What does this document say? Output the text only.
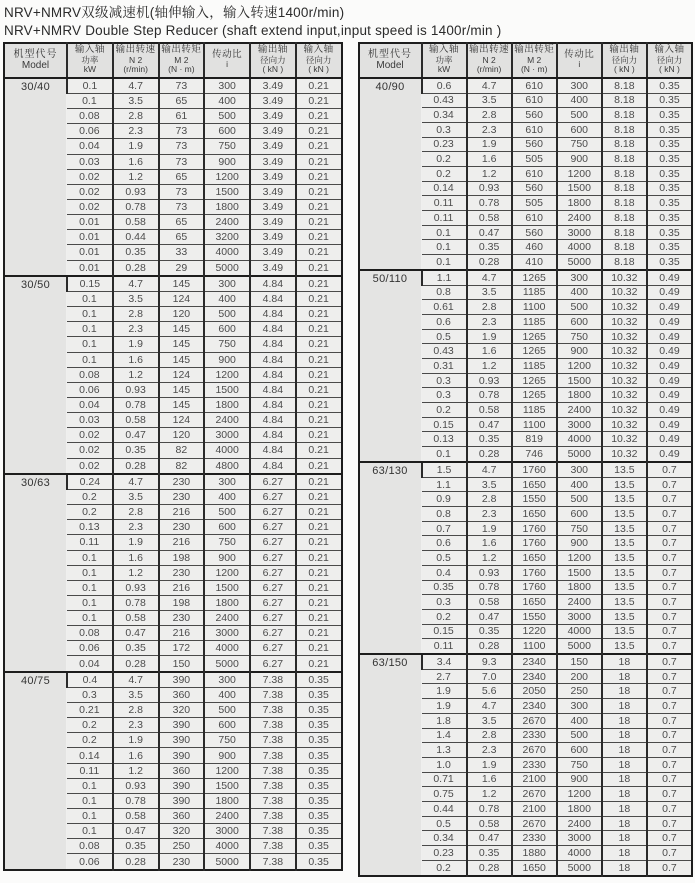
NRV+NMRV双级减速机(轴伸输入，输入转速1400r/min)
NRV+NMRV Double Step Reducer (shaft extend input,input speed is 1400r/min )
机型代号
Model

输入轴
功率
kW

输出转速
N 2
(r/min)

输出转矩
M 2
(N · m)

传动比
i

输出轴
径向力
( kN )

输入轴
径向力
( kN )

30/40	0.1	4.7	73	300	3.49	0.21
	0.1	3.5	65	400	3.49	0.21
	0.08	2.8	61	500	3.49	0.21
	0.06	2.3	73	600	3.49	0.21
	0.04	1.9	73	750	3.49	0.21
	0.03	1.6	73	900	3.49	0.21
	0.02	1.2	65	1200	3.49	0.21
	0.02	0.93	73	1500	3.49	0.21
	0.02	0.78	73	1800	3.49	0.21
	0.01	0.58	65	2400	3.49	0.21
	0.01	0.44	65	3200	3.49	0.21
	0.01	0.35	33	4000	3.49	0.21
	0.01	0.28	29	5000	3.49	0.21
30/50	0.15	4.7	145	300	4.84	0.21
	0.1	3.5	124	400	4.84	0.21
	0.1	2.8	120	500	4.84	0.21
	0.1	2.3	145	600	4.84	0.21
	0.1	1.9	145	750	4.84	0.21
	0.1	1.6	145	900	4.84	0.21
	0.08	1.2	124	1200	4.84	0.21
	0.06	0.93	145	1500	4.84	0.21
	0.04	0.78	145	1800	4.84	0.21
	0.03	0.58	124	2400	4.84	0.21
	0.02	0.47	120	3000	4.84	0.21
	0.02	0.35	82	4000	4.84	0.21
	0.02	0.28	82	4800	4.84	0.21
30/63	0.24	4.7	230	300	6.27	0.21
	0.2	3.5	230	400	6.27	0.21
	0.2	2.8	216	500	6.27	0.21
	0.13	2.3	230	600	6.27	0.21
	0.11	1.9	216	750	6.27	0.21
	0.1	1.6	198	900	6.27	0.21
	0.1	1.2	230	1200	6.27	0.21
	0.1	0.93	216	1500	6.27	0.21
	0.1	0.78	198	1800	6.27	0.21
	0.1	0.58	230	2400	6.27	0.21
	0.08	0.47	216	3000	6.27	0.21
	0.06	0.35	172	4000	6.27	0.21
	0.04	0.28	150	5000	6.27	0.21
40/75	0.4	4.7	390	300	7.38	0.35
	0.3	3.5	360	400	7.38	0.35
	0.21	2.8	320	500	7.38	0.35
	0.2	2.3	390	600	7.38	0.35
	0.2	1.9	390	750	7.38	0.35
	0.14	1.6	390	900	7.38	0.35
	0.11	1.2	360	1200	7.38	0.35
	0.1	0.93	390	1500	7.38	0.35
	0.1	0.78	390	1800	7.38	0.35
	0.1	0.58	360	2400	7.38	0.35
	0.1	0.47	320	3000	7.38	0.35
	0.08	0.35	250	4000	7.38	0.35
	0.06	0.28	230	5000	7.38	0.35
机型代号
Model

输入轴
功率
kW

输出转速
N 2
(r/min)

输出转矩
M 2
(N · m)

传动比
i

输出轴
径向力
( kN )

输入轴
径向力
( kN )

40/90	0.6	4.7	610	300	8.18	0.35
	0.43	3.5	610	400	8.18	0.35
	0.34	2.8	560	500	8.18	0.35
	0.3	2.3	610	600	8.18	0.35
	0.23	1.9	560	750	8.18	0.35
	0.2	1.6	505	900	8.18	0.35
	0.2	1.2	610	1200	8.18	0.35
	0.14	0.93	560	1500	8.18	0.35
	0.11	0.78	505	1800	8.18	0.35
	0.11	0.58	610	2400	8.18	0.35
	0.1	0.47	560	3000	8.18	0.35
	0.1	0.35	460	4000	8.18	0.35
	0.1	0.28	410	5000	8.18	0.35
50/110	1.1	4.7	1265	300	10.32	0.49
	0.8	3.5	1185	400	10.32	0.49
	0.61	2.8	1100	500	10.32	0.49
	0.6	2.3	1185	600	10.32	0.49
	0.5	1.9	1265	750	10.32	0.49
	0.43	1.6	1265	900	10.32	0.49
	0.31	1.2	1185	1200	10.32	0.49
	0.3	0.93	1265	1500	10.32	0.49
	0.3	0.78	1265	1800	10.32	0.49
	0.2	0.58	1185	2400	10.32	0.49
	0.15	0.47	1100	3000	10.32	0.49
	0.13	0.35	819	4000	10.32	0.49
	0.1	0.28	746	5000	10.32	0.49
63/130	1.5	4.7	1760	300	13.5	0.7
	1.1	3.5	1650	400	13.5	0.7
	0.9	2.8	1550	500	13.5	0.7
	0.8	2.3	1650	600	13.5	0.7
	0.7	1.9	1760	750	13.5	0.7
	0.6	1.6	1760	900	13.5	0.7
	0.5	1.2	1650	1200	13.5	0.7
	0.4	0.93	1760	1500	13.5	0.7
	0.35	0.78	1760	1800	13.5	0.7
	0.3	0.58	1650	2400	13.5	0.7
	0.2	0.47	1550	3000	13.5	0.7
	0.15	0.35	1220	4000	13.5	0.7
	0.11	0.28	1100	5000	13.5	0.7
63/150	3.4	9.3	2340	150	18	0.7
	2.7	7.0	2340	200	18	0.7
	1.9	5.6	2050	250	18	0.7
	1.9	4.7	2340	300	18	0.7
	1.8	3.5	2670	400	18	0.7
	1.4	2.8	2330	500	18	0.7
	1.3	2.3	2670	600	18	0.7
	1.0	1.9	2330	750	18	0.7
	0.71	1.6	2100	900	18	0.7
	0.75	1.2	2670	1200	18	0.7
	0.44	0.78	2100	1800	18	0.7
	0.5	0.58	2670	2400	18	0.7
	0.34	0.47	2330	3000	18	0.7
	0.23	0.35	1880	4000	18	0.7
	0.2	0.28	1650	5000	18	0.7
